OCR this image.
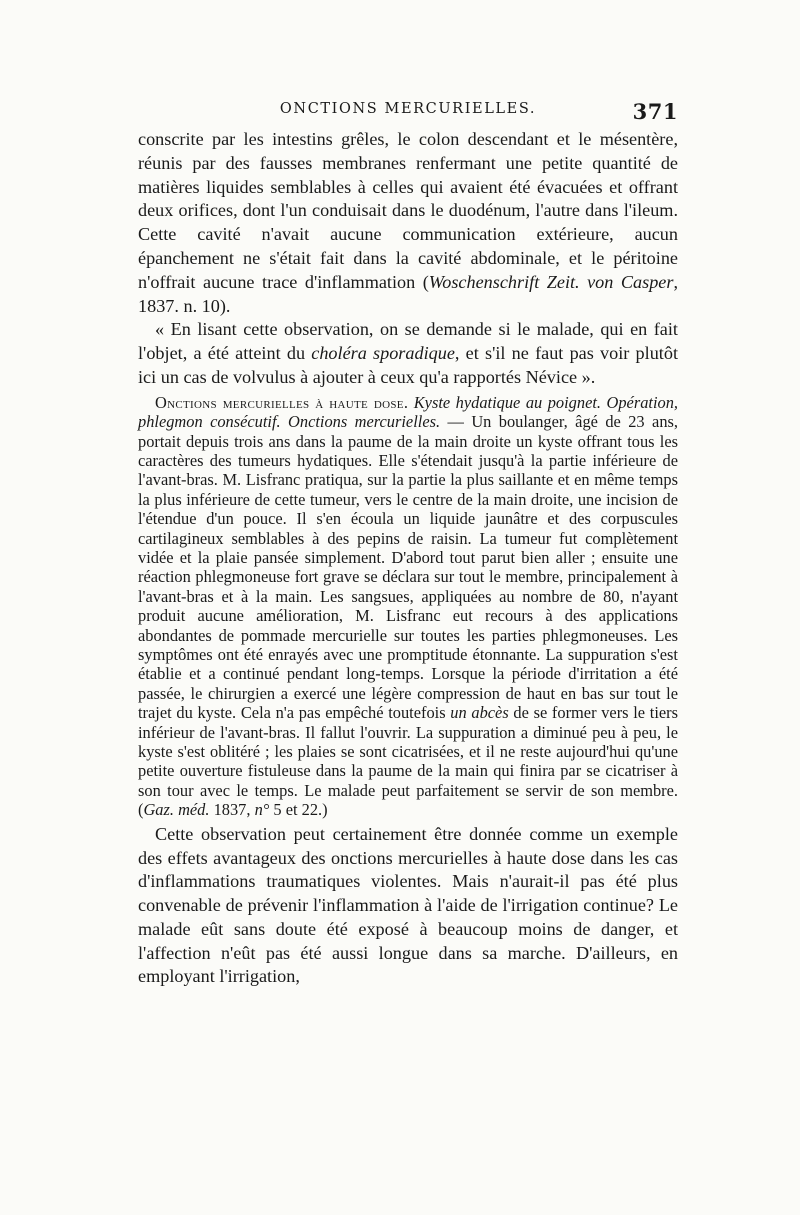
ONCTIONS MERCURIELLES.	371

conscrite par les intestins grêles, le colon descendant et le mésentère, réunis par des fausses membranes renfermant une petite quantité de matières liquides semblables à celles qui avaient été évacuées et offrant deux orifices, dont l'un conduisait dans le duodénum, l'autre dans l'ileum. Cette cavité n'avait aucune communication extérieure, aucun épanchement ne s'était fait dans la cavité abdominale, et le péritoine n'offrait aucune trace d'inflammation (Woschenschrift Zeit. von Casper, 1837. n. 10).

« En lisant cette observation, on se demande si le malade, qui en fait l'objet, a été atteint du choléra sporadique, et s'il ne faut pas voir plutôt ici un cas de volvulus à ajouter à ceux qu'a rapportés Névice ».

Onctions mercurielles à haute dose. Kyste hydatique au poignet. Opération, phlegmon consécutif. Onctions mercurielles. — Un boulanger, âgé de 23 ans, portait depuis trois ans dans la paume de la main droite un kyste offrant tous les caractères des tumeurs hydatiques. Elle s'étendait jusqu'à la partie inférieure de l'avant-bras. M. Lisfranc pratiqua, sur la partie la plus saillante et en même temps la plus inférieure de cette tumeur, vers le centre de la main droite, une incision de l'étendue d'un pouce. Il s'en écoula un liquide jaunâtre et des corpuscules cartilagineux semblables à des pepins de raisin. La tumeur fut complètement vidée et la plaie pansée simplement. D'abord tout parut bien aller ; ensuite une réaction phlegmoneuse fort grave se déclara sur tout le membre, principalement à l'avant-bras et à la main. Les sangsues, appliquées au nombre de 80, n'ayant produit aucune amélioration, M. Lisfranc eut recours à des applications abondantes de pommade mercurielle sur toutes les parties phlegmoneuses. Les symptômes ont été enrayés avec une promptitude étonnante. La suppuration s'est établie et a continué pendant long-temps. Lorsque la période d'irritation a été passée, le chirurgien a exercé une légère compression de haut en bas sur tout le trajet du kyste. Cela n'a pas empêché toutefois un abcès de se former vers le tiers inférieur de l'avant-bras. Il fallut l'ouvrir. La suppuration a diminué peu à peu, le kyste s'est oblitéré ; les plaies se sont cicatrisées, et il ne reste aujourd'hui qu'une petite ouverture fistuleuse dans la paume de la main qui finira par se cicatriser à son tour avec le temps. Le malade peut parfaitement se servir de son membre. (Gaz. méd. 1837, n° 5 et 22.)

Cette observation peut certainement être donnée comme un exemple des effets avantageux des onctions mercurielles à haute dose dans les cas d'inflammations traumatiques violentes. Mais n'aurait-il pas été plus convenable de prévenir l'inflammation à l'aide de l'irrigation continue? Le malade eût sans doute été exposé à beaucoup moins de danger, et l'affection n'eût pas été aussi longue dans sa marche. D'ailleurs, en employant l'irrigation,
